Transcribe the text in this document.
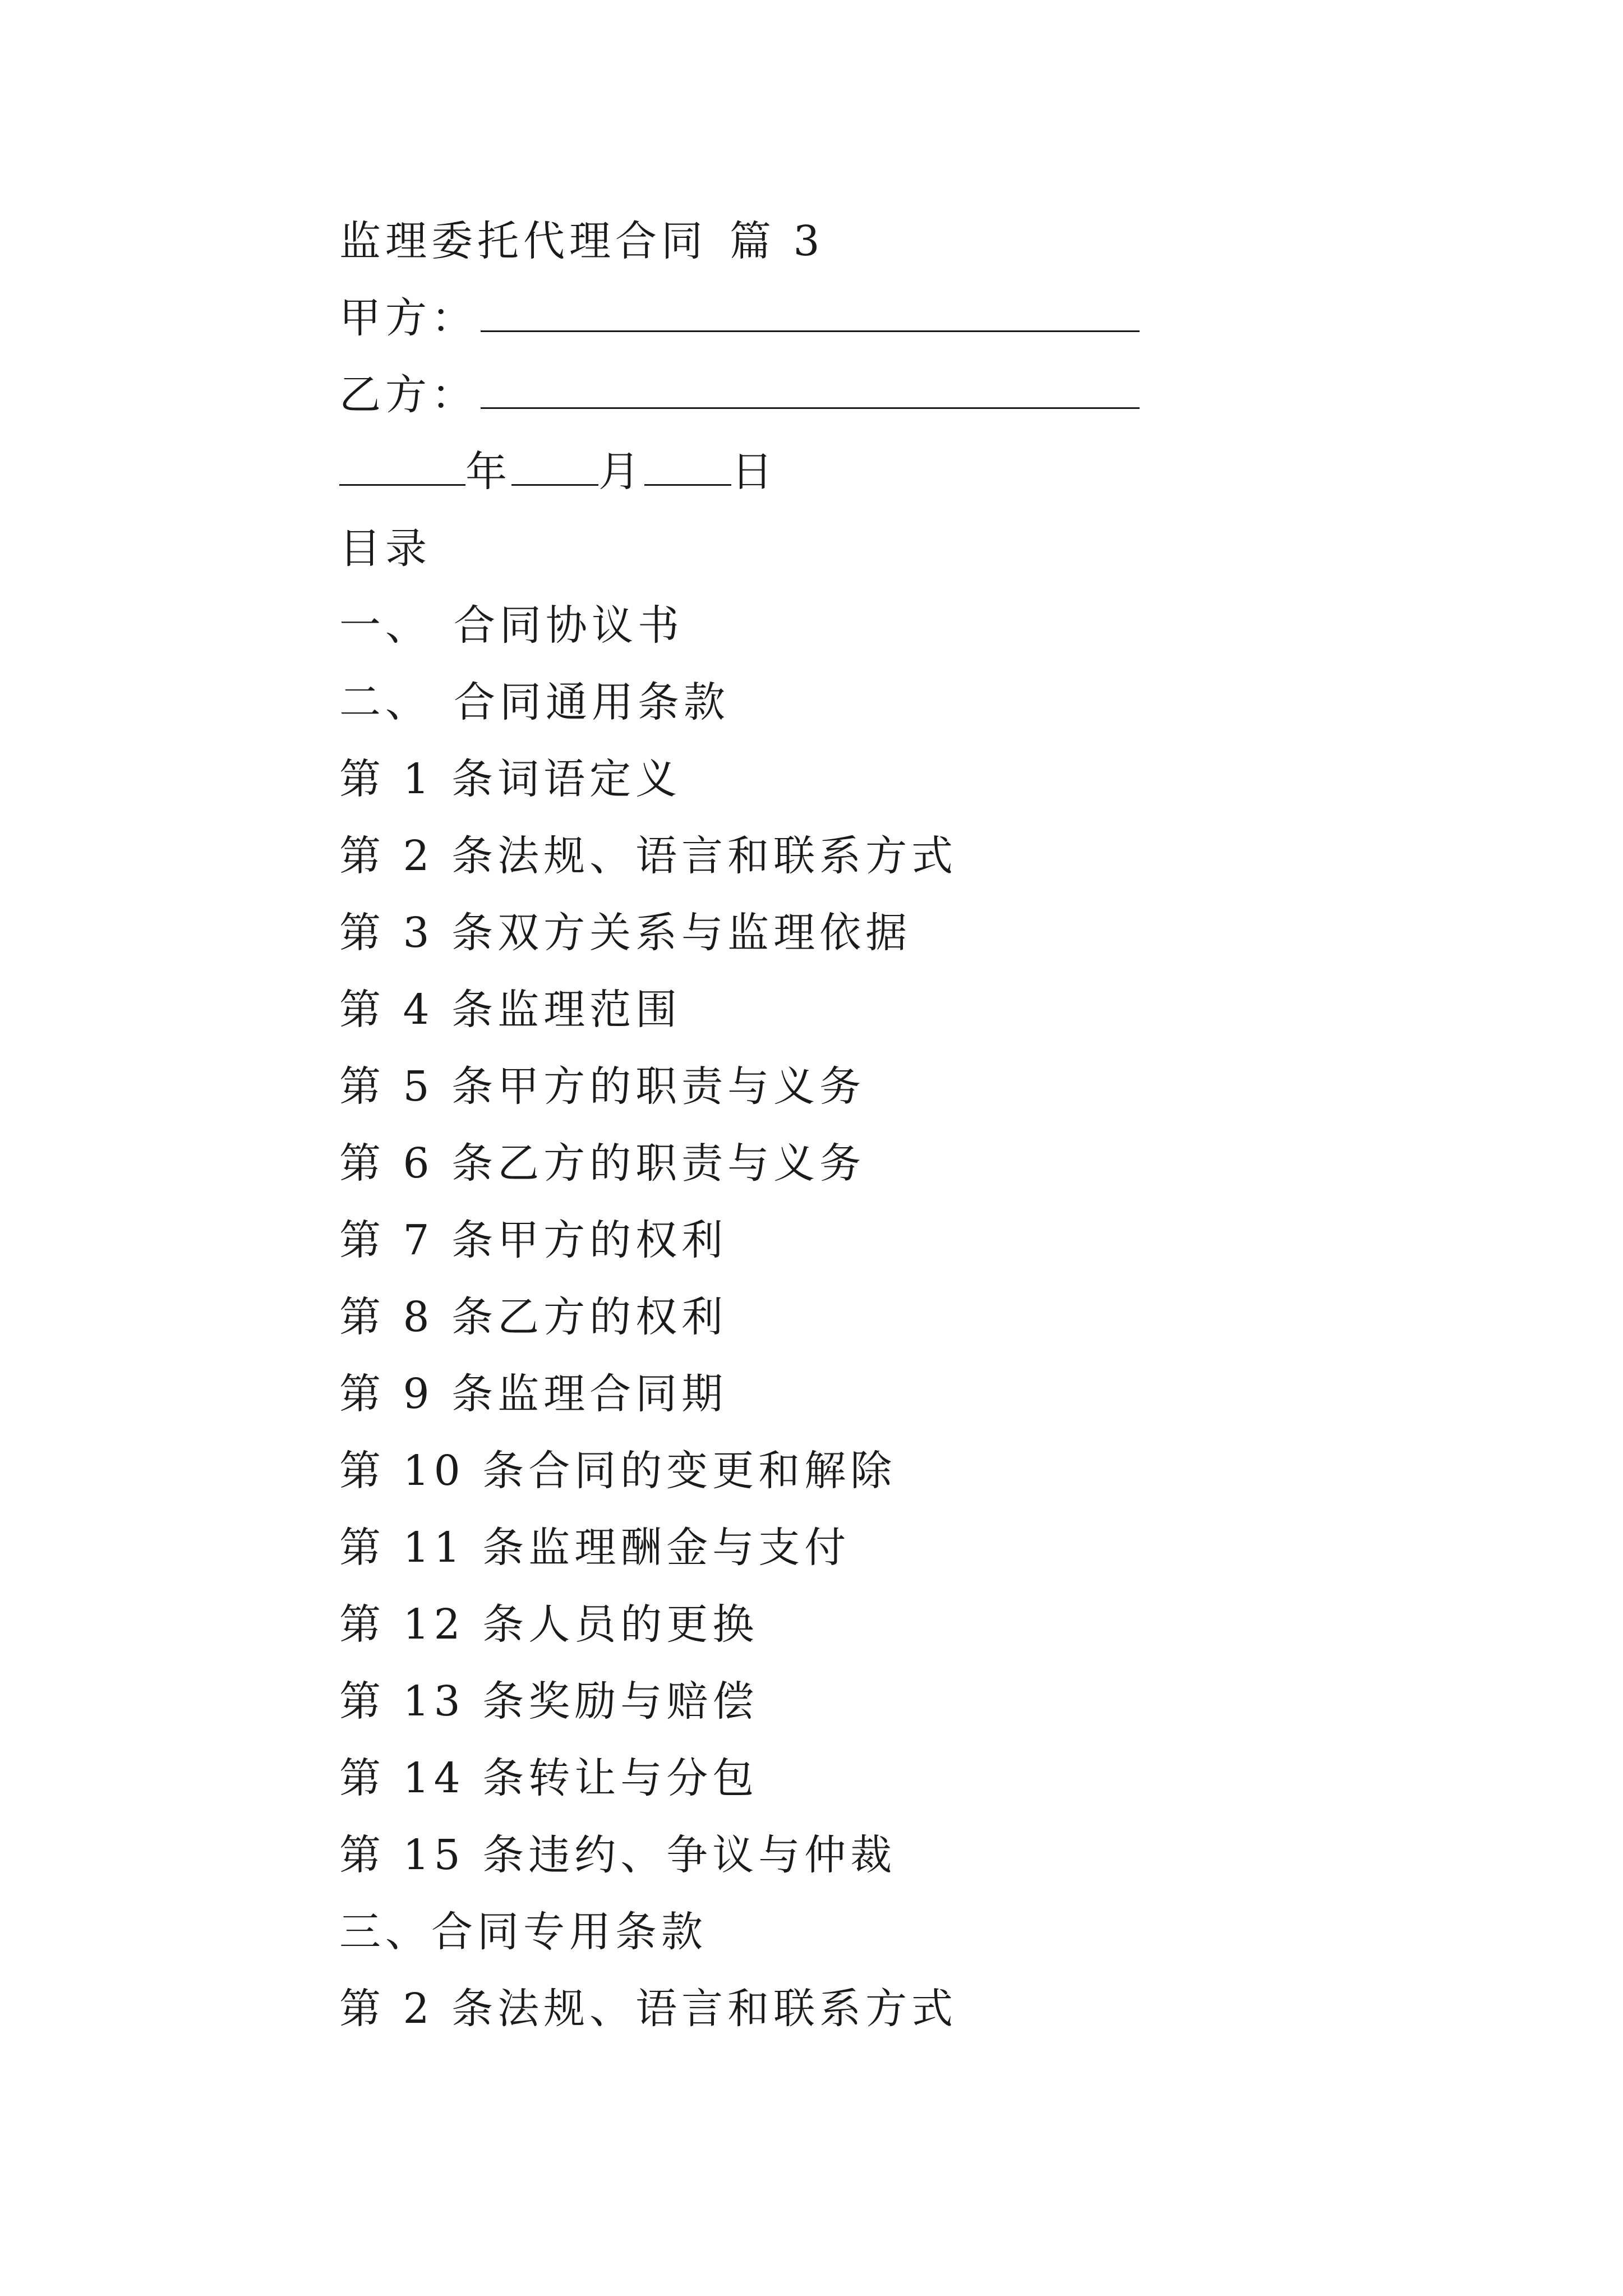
监理委托代理合同 篇 3
甲方：
乙方：
年 月 日
目录
一、 合同协议书
二、 合同通用条款
第 1 条词语定义
第 2 条法规、语言和联系方式
第 3 条双方关系与监理依据
第 4 条监理范围
第 5 条甲方的职责与义务
第 6 条乙方的职责与义务
第 7 条甲方的权利
第 8 条乙方的权利
第 9 条监理合同期
第 10 条合同的变更和解除
第 11 条监理酬金与支付
第 12 条人员的更换
第 13 条奖励与赔偿
第 14 条转让与分包
第 15 条违约、争议与仲裁
三、合同专用条款
第 2 条法规、语言和联系方式
